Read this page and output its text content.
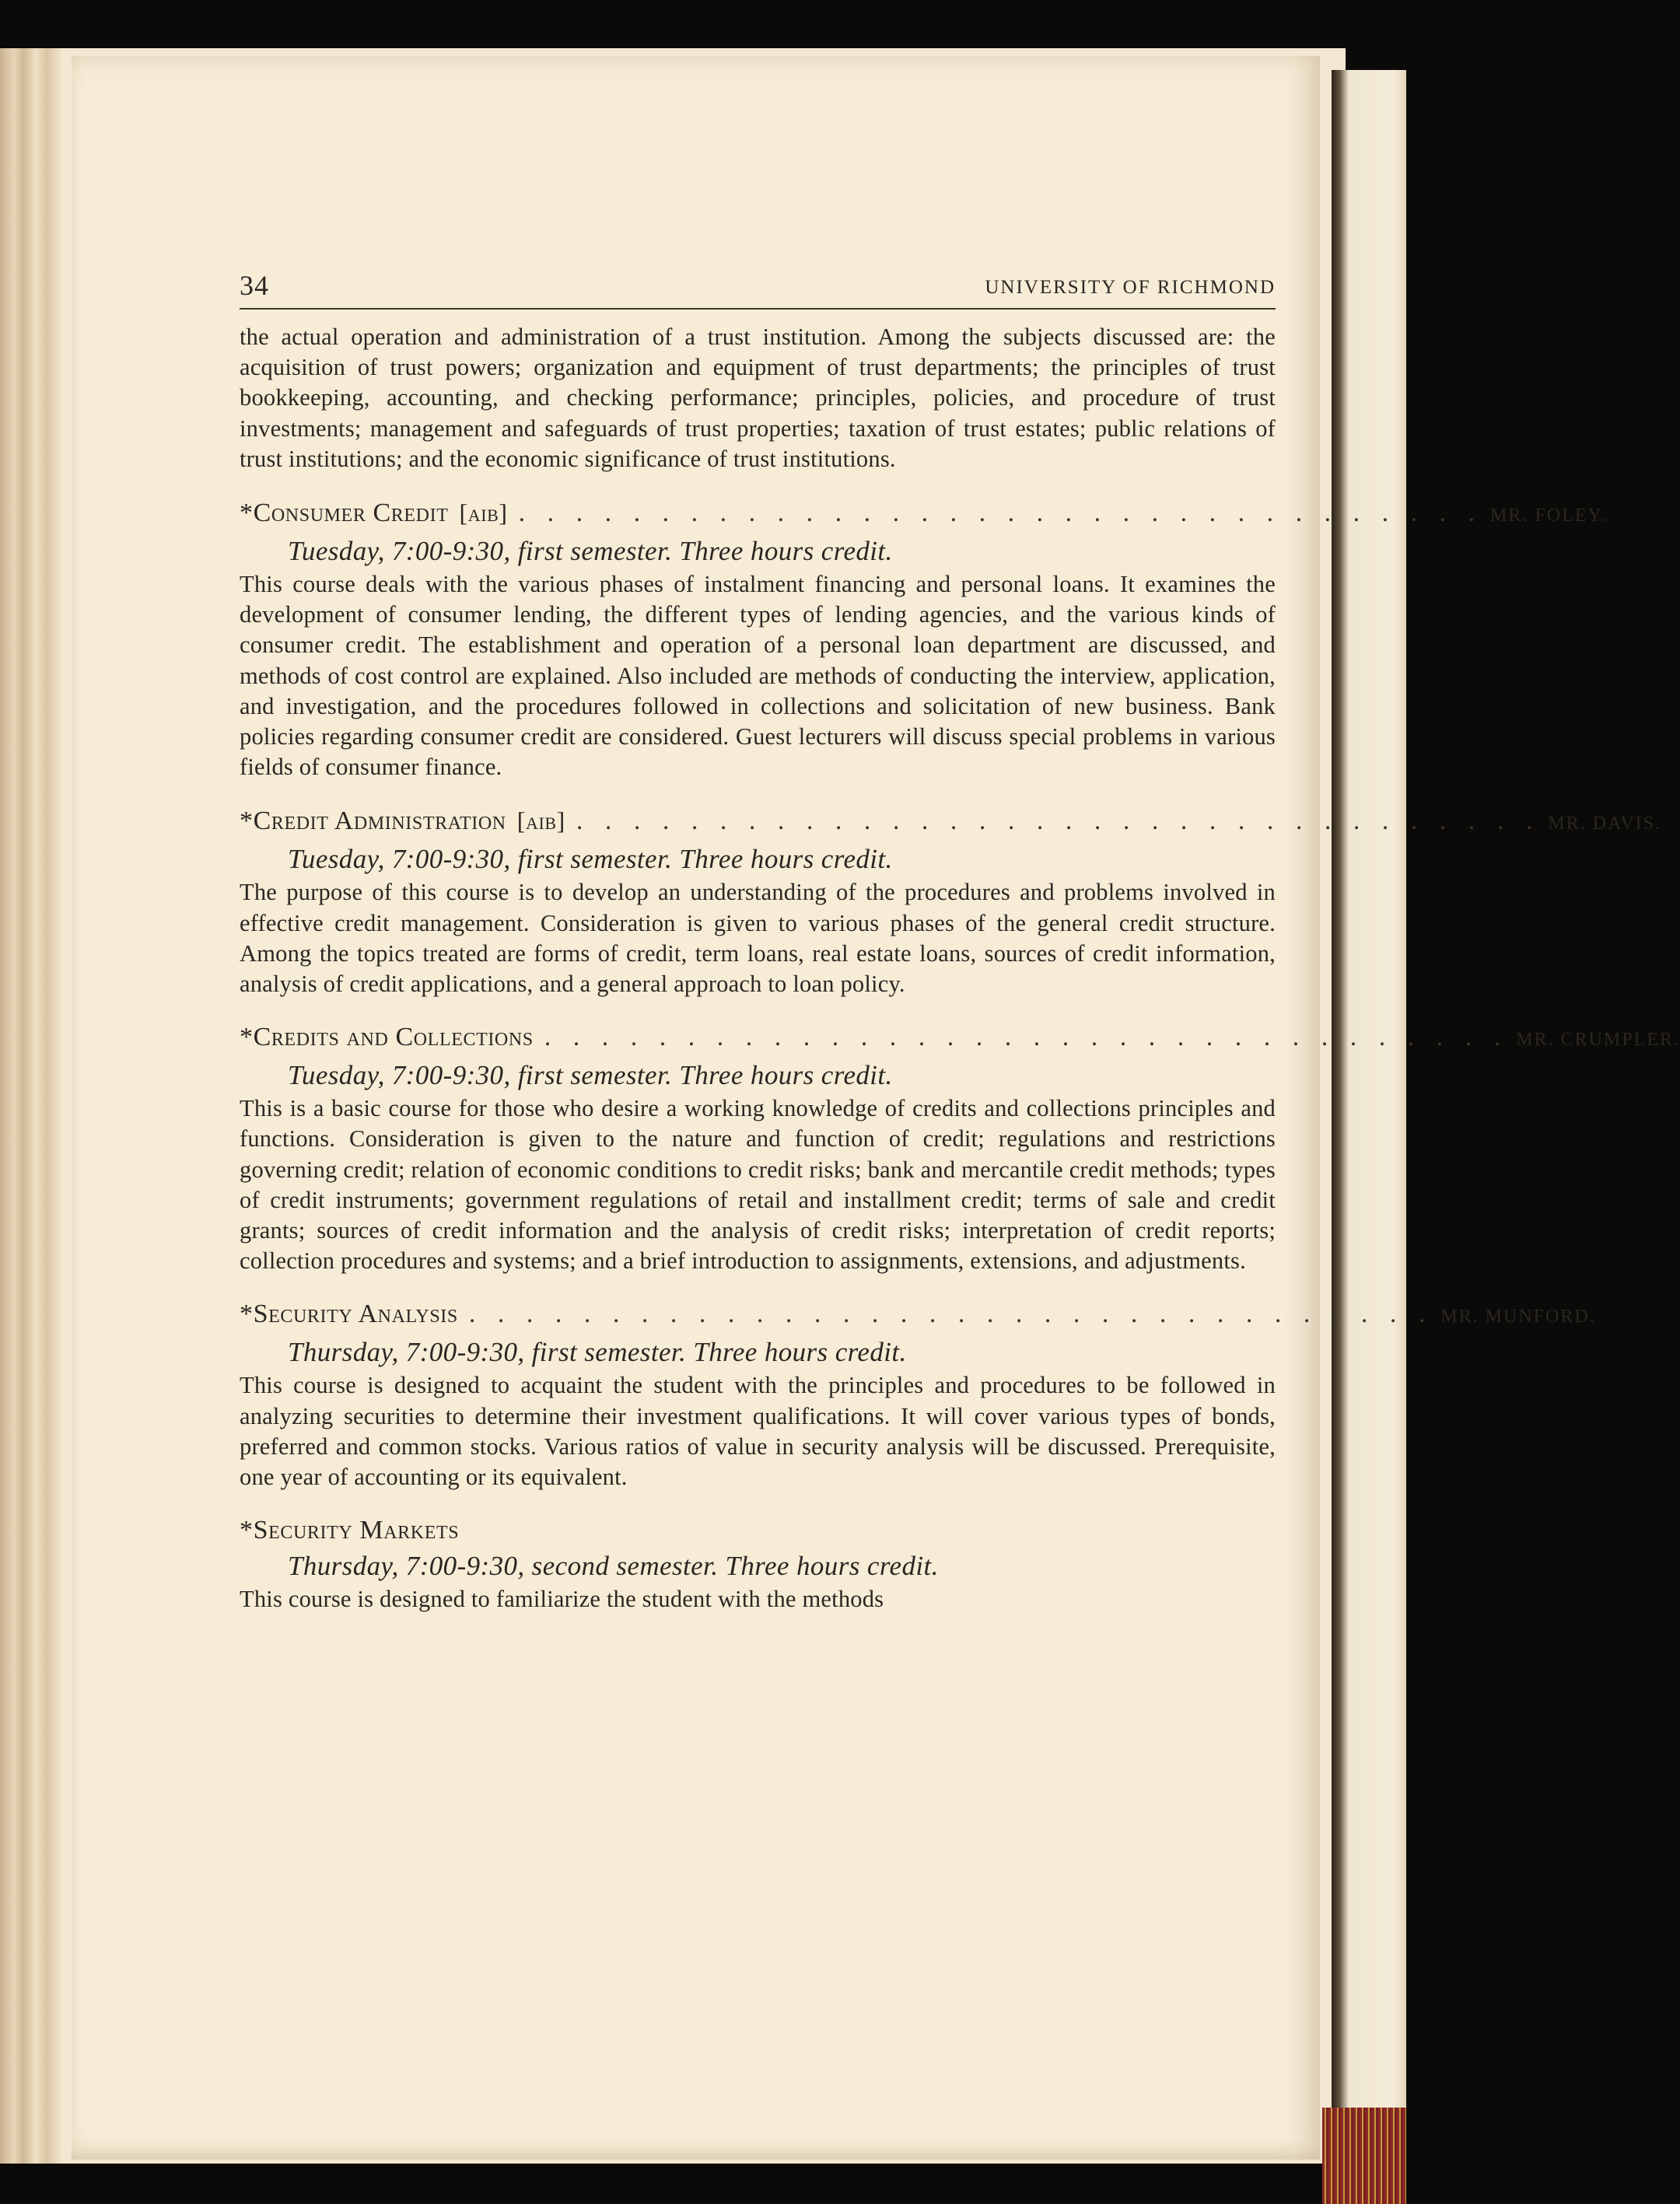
34	UNIVERSITY OF RICHMOND

the actual operation and administration of a trust institution. Among the subjects discussed are: the acquisition of trust powers; organization and equipment of trust departments; the principles of trust bookkeeping, accounting, and checking performance; principles, policies, and procedure of trust investments; management and safeguards of trust properties; taxation of trust estates; public relations of trust institutions; and the economic significance of trust institutions.

*Consumer Credit [aib] . . . . . . . . . . . . . . . . . . . . . . . . . . . . . . . . . . MR. FOLEY.
Tuesday, 7:00-9:30, first semester. Three hours credit.

This course deals with the various phases of instalment financing and personal loans. It examines the development of consumer lending, the different types of lending agencies, and the various kinds of consumer credit. The establishment and operation of a personal loan department are discussed, and methods of cost control are explained. Also included are methods of conducting the interview, application, and investigation, and the procedures followed in collections and solicitation of new business. Bank policies regarding consumer credit are considered. Guest lecturers will discuss special problems in various fields of consumer finance.

*Credit Administration [aib] . . . . . . . . . . . . . . . . . . . . . . . . . . . . . . . . . . MR. DAVIS.
Tuesday, 7:00-9:30, first semester. Three hours credit.

The purpose of this course is to develop an understanding of the procedures and problems involved in effective credit management. Consideration is given to various phases of the general credit structure. Among the topics treated are forms of credit, term loans, real estate loans, sources of credit information, analysis of credit applications, and a general approach to loan policy.

*Credits and Collections . . . . . . . . . . . . . . . . . . . . . . . . . . . . . . . . . . MR. CRUMPLER.
Tuesday, 7:00-9:30, first semester. Three hours credit.

This is a basic course for those who desire a working knowledge of credits and collections principles and functions. Consideration is given to the nature and function of credit; regulations and restrictions governing credit; relation of economic conditions to credit risks; bank and mercantile credit methods; types of credit instruments; government regulations of retail and installment credit; terms of sale and credit grants; sources of credit information and the analysis of credit risks; interpretation of credit reports; collection procedures and systems; and a brief introduction to assignments, extensions, and adjustments.

*Security Analysis . . . . . . . . . . . . . . . . . . . . . . . . . . . . . . . . . . MR. MUNFORD.
Thursday, 7:00-9:30, first semester. Three hours credit.

This course is designed to acquaint the student with the principles and procedures to be followed in analyzing securities to determine their investment qualifications. It will cover various types of bonds, preferred and common stocks. Various ratios of value in security analysis will be discussed. Prerequisite, one year of accounting or its equivalent.

*Security Markets
Thursday, 7:00-9:30, second semester. Three hours credit.

This course is designed to familiarize the student with the methods
